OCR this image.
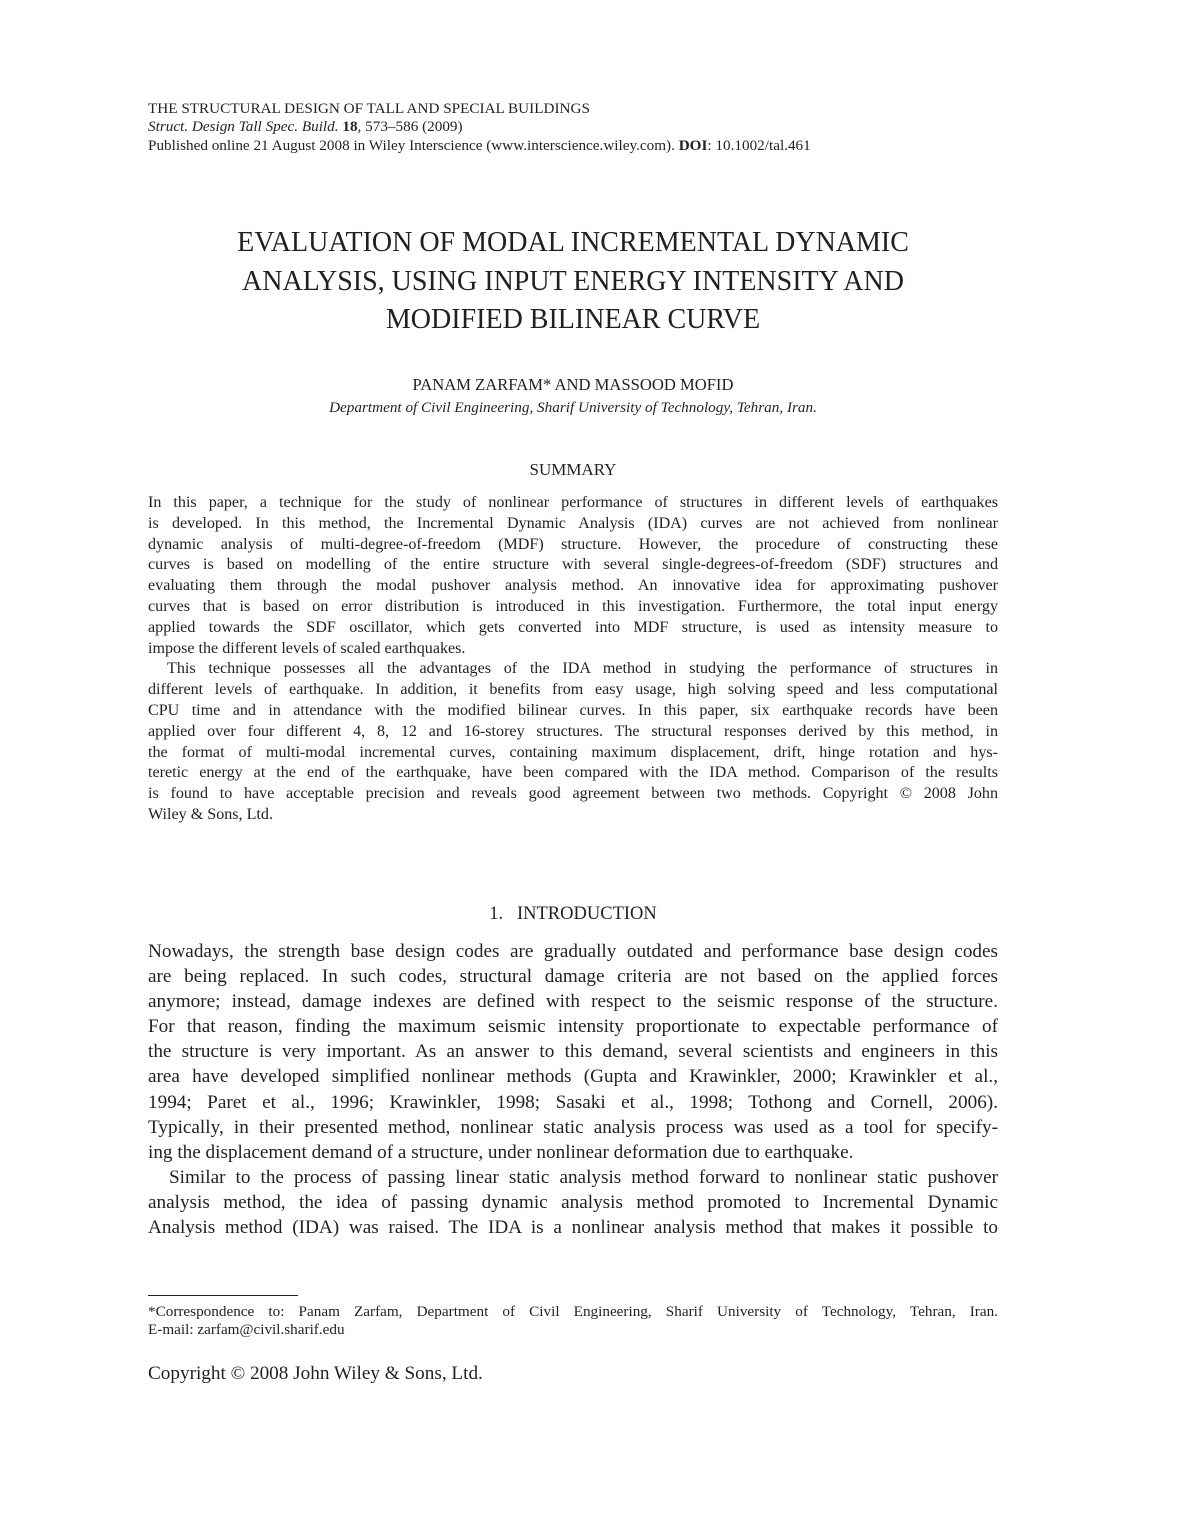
THE STRUCTURAL DESIGN OF TALL AND SPECIAL BUILDINGS
Struct. Design Tall Spec. Build. 18, 573–586 (2009)
Published online 21 August 2008 in Wiley Interscience (www.interscience.wiley.com). DOI: 10.1002/tal.461
EVALUATION OF MODAL INCREMENTAL DYNAMIC
ANALYSIS, USING INPUT ENERGY INTENSITY AND
MODIFIED BILINEAR CURVE
PANAM ZARFAM* AND MASSOOD MOFID
Department of Civil Engineering, Sharif University of Technology, Tehran, Iran.
SUMMARY
In this paper, a technique for the study of nonlinear performance of structures in different levels of earthquakes
is developed. In this method, the Incremental Dynamic Analysis (IDA) curves are not achieved from nonlinear
dynamic analysis of multi-degree-of-freedom (MDF) structure. However, the procedure of constructing these
curves is based on modelling of the entire structure with several single-degrees-of-freedom (SDF) structures and
evaluating them through the modal pushover analysis method. An innovative idea for approximating pushover
curves that is based on error distribution is introduced in this investigation. Furthermore, the total input energy
applied towards the SDF oscillator, which gets converted into MDF structure, is used as intensity measure to
impose the different levels of scaled earthquakes.
This technique possesses all the advantages of the IDA method in studying the performance of structures in
different levels of earthquake. In addition, it benefits from easy usage, high solving speed and less computational
CPU time and in attendance with the modified bilinear curves. In this paper, six earthquake records have been
applied over four different 4, 8, 12 and 16-storey structures. The structural responses derived by this method, in
the format of multi-modal incremental curves, containing maximum displacement, drift, hinge rotation and hys-
teretic energy at the end of the earthquake, have been compared with the IDA method. Comparison of the results
is found to have acceptable precision and reveals good agreement between two methods. Copyright © 2008 John
Wiley & Sons, Ltd.
1.   INTRODUCTION
Nowadays, the strength base design codes are gradually outdated and performance base design codes
are being replaced. In such codes, structural damage criteria are not based on the applied forces
anymore; instead, damage indexes are defined with respect to the seismic response of the structure.
For that reason, finding the maximum seismic intensity proportionate to expectable performance of
the structure is very important. As an answer to this demand, several scientists and engineers in this
area have developed simplified nonlinear methods (Gupta and Krawinkler, 2000; Krawinkler et al.,
1994; Paret et al., 1996; Krawinkler, 1998; Sasaki et al., 1998; Tothong and Cornell, 2006).
Typically, in their presented method, nonlinear static analysis process was used as a tool for specify-
ing the displacement demand of a structure, under nonlinear deformation due to earthquake.
Similar to the process of passing linear static analysis method forward to nonlinear static pushover
analysis method, the idea of passing dynamic analysis method promoted to Incremental Dynamic
Analysis method (IDA) was raised. The IDA is a nonlinear analysis method that makes it possible to
*Correspondence to: Panam Zarfam, Department of Civil Engineering, Sharif University of Technology, Tehran, Iran.
E-mail: zarfam@civil.sharif.edu
Copyright © 2008 John Wiley & Sons, Ltd.
